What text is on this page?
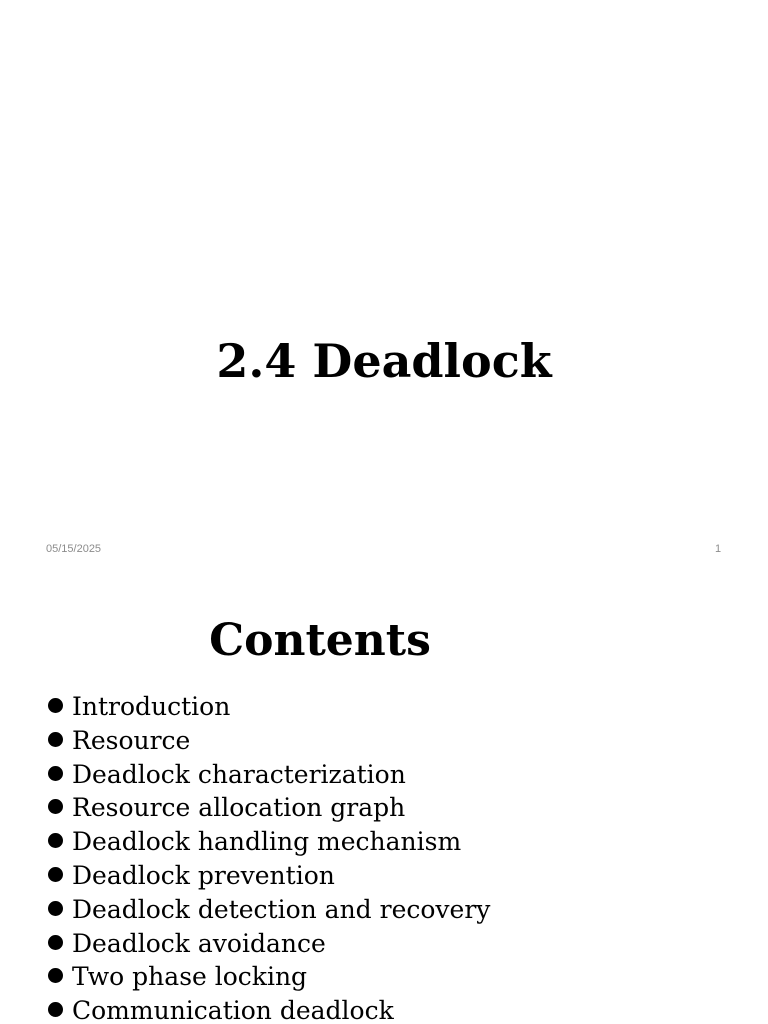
2.4 Deadlock
05/15/2025	1
Contents
Introduction
Resource
Deadlock characterization
Resource allocation graph
Deadlock handling mechanism
Deadlock prevention
Deadlock detection and recovery
Deadlock avoidance
Two phase locking
Communication deadlock
